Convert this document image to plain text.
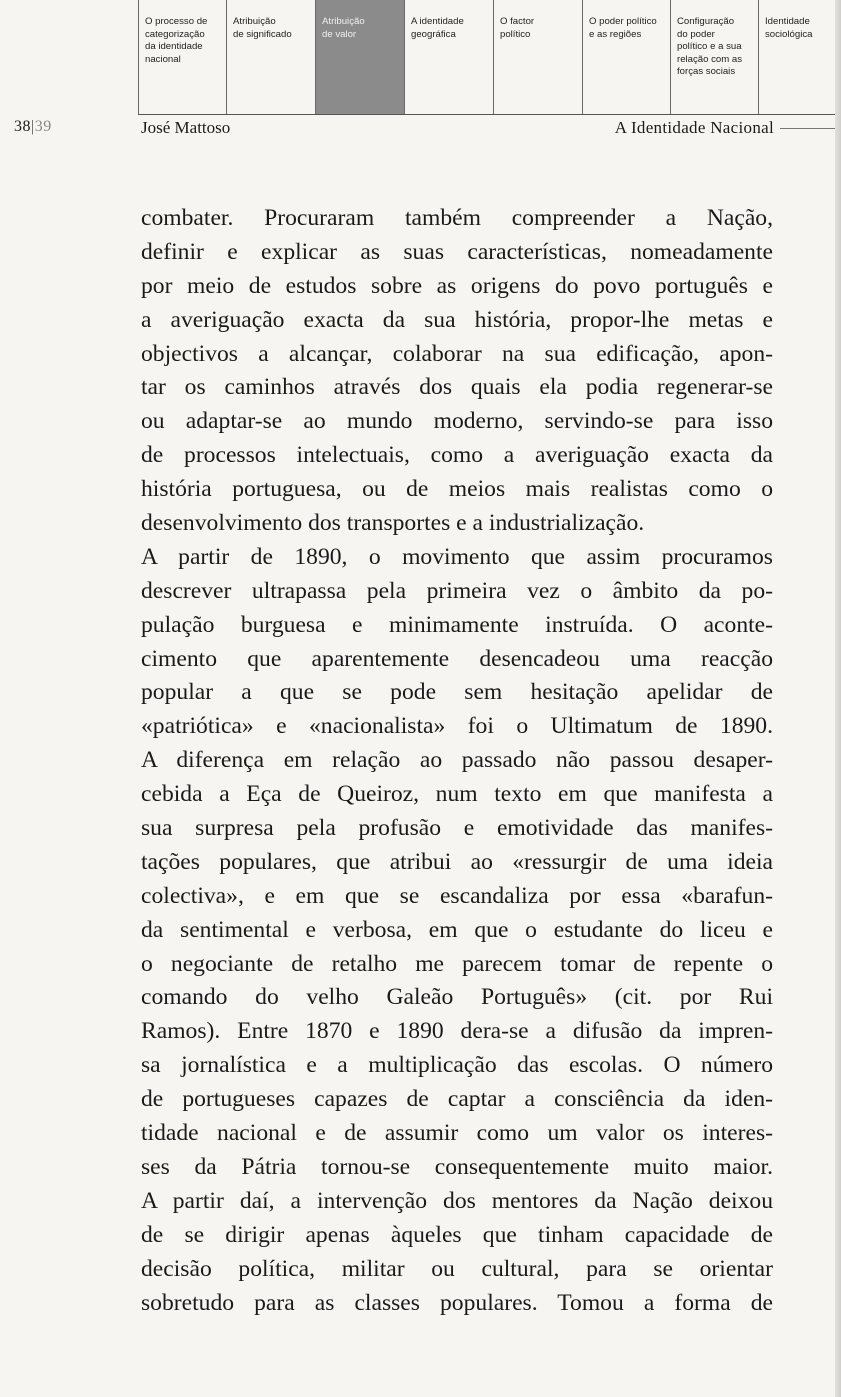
O processo de
categorização
da identidade
nacional
Atribuição
de significado
Atribuição
de valor
A identidade
geográfica
O factor
político
O poder político
e as regiões
Configuração
do poder
político e a sua
relação com as
forças sociais
Identidade
sociológica
38|39	José Mattoso	A Identidade Nacional
combater. Procuraram também compreender a Nação,
definir e explicar as suas características, nomeadamente
por meio de estudos sobre as origens do povo português e
a averiguação exacta da sua história, propor-lhe metas e
objectivos a alcançar, colaborar na sua edificação, apon-
tar os caminhos através dos quais ela podia regenerar-se
ou adaptar-se ao mundo moderno, servindo-se para isso
de processos intelectuais, como a averiguação exacta da
história portuguesa, ou de meios mais realistas como o
desenvolvimento dos transportes e a industrialização.
A partir de 1890, o movimento que assim procuramos
descrever ultrapassa pela primeira vez o âmbito da po-
pulação burguesa e minimamente instruída. O aconte-
cimento que aparentemente desencadeou uma reacção
popular a que se pode sem hesitação apelidar de
«patriótica» e «nacionalista» foi o Ultimatum de 1890.
A diferença em relação ao passado não passou desaper-
cebida a Eça de Queiroz, num texto em que manifesta a
sua surpresa pela profusão e emotividade das manifes-
tações populares, que atribui ao «ressurgir de uma ideia
colectiva», e em que se escandaliza por essa «barafun-
da sentimental e verbosa, em que o estudante do liceu e
o negociante de retalho me parecem tomar de repente o
comando do velho Galeão Português» (cit. por Rui
Ramos). Entre 1870 e 1890 dera-se a difusão da impren-
sa jornalística e a multiplicação das escolas. O número
de portugueses capazes de captar a consciência da iden-
tidade nacional e de assumir como um valor os interes-
ses da Pátria tornou-se consequentemente muito maior.
A partir daí, a intervenção dos mentores da Nação deixou
de se dirigir apenas àqueles que tinham capacidade de
decisão política, militar ou cultural, para se orientar
sobretudo para as classes populares. Tomou a forma de
